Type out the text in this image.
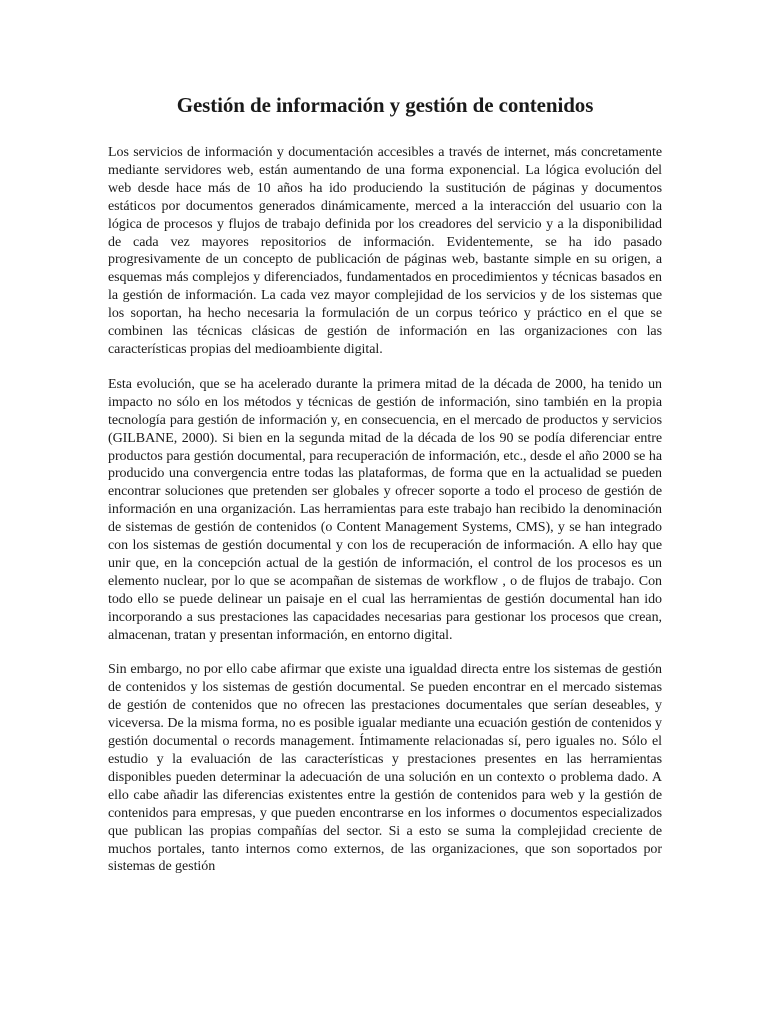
Gestión de información y gestión de contenidos

Los servicios de información y documentación accesibles a través de internet, más concretamente mediante servidores web, están aumentando de una forma exponencial. La lógica evolución del web desde hace más de 10 años ha ido produciendo la sustitución de páginas y documentos estáticos por documentos generados dinámicamente, merced a la interacción del usuario con la lógica de procesos y flujos de trabajo definida por los creadores del servicio y a la disponibilidad de cada vez mayores repositorios de información. Evidentemente, se ha ido pasado progresivamente de un concepto de publicación de páginas web, bastante simple en su origen, a esquemas más complejos y diferenciados, fundamentados en procedimientos y técnicas basados en la gestión de información. La cada vez mayor complejidad de los servicios y de los sistemas que los soportan, ha hecho necesaria la formulación de un corpus teórico y práctico en el que se combinen las técnicas clásicas de gestión de información en las organizaciones con las características propias del medioambiente digital.

Esta evolución, que se ha acelerado durante la primera mitad de la década de 2000, ha tenido un impacto no sólo en los métodos y técnicas de gestión de información, sino también en la propia tecnología para gestión de información y, en consecuencia, en el mercado de productos y servicios (GILBANE, 2000). Si bien en la segunda mitad de la década de los 90 se podía diferenciar entre productos para gestión documental, para recuperación de información, etc., desde el año 2000 se ha producido una convergencia entre todas las plataformas, de forma que en la actualidad se pueden encontrar soluciones que pretenden ser globales y ofrecer soporte a todo el proceso de gestión de información en una organización. Las herramientas para este trabajo han recibido la denominación de sistemas de gestión de contenidos (o Content Management Systems, CMS), y se han integrado con los sistemas de gestión documental y con los de recuperación de información. A ello hay que unir que, en la concepción actual de la gestión de información, el control de los procesos es un elemento nuclear, por lo que se acompañan de sistemas de workflow , o de flujos de trabajo. Con todo ello se puede delinear un paisaje en el cual las herramientas de gestión documental han ido incorporando a sus prestaciones las capacidades necesarias para gestionar los procesos que crean, almacenan, tratan y presentan información, en entorno digital.

Sin embargo, no por ello cabe afirmar que existe una igualdad directa entre los sistemas de gestión de contenidos y los sistemas de gestión documental. Se pueden encontrar en el mercado sistemas de gestión de contenidos que no ofrecen las prestaciones documentales que serían deseables, y viceversa. De la misma forma, no es posible igualar mediante una ecuación gestión de contenidos y gestión documental o records management. Íntimamente relacionadas sí, pero iguales no. Sólo el estudio y la evaluación de las características y prestaciones presentes en las herramientas disponibles pueden determinar la adecuación de una solución en un contexto o problema dado. A ello cabe añadir las diferencias existentes entre la gestión de contenidos para web y la gestión de contenidos para empresas, y que pueden encontrarse en los informes o documentos especializados que publican las propias compañías del sector. Si a esto se suma la complejidad creciente de muchos portales, tanto internos como externos, de las organizaciones, que son soportados por sistemas de gestión
